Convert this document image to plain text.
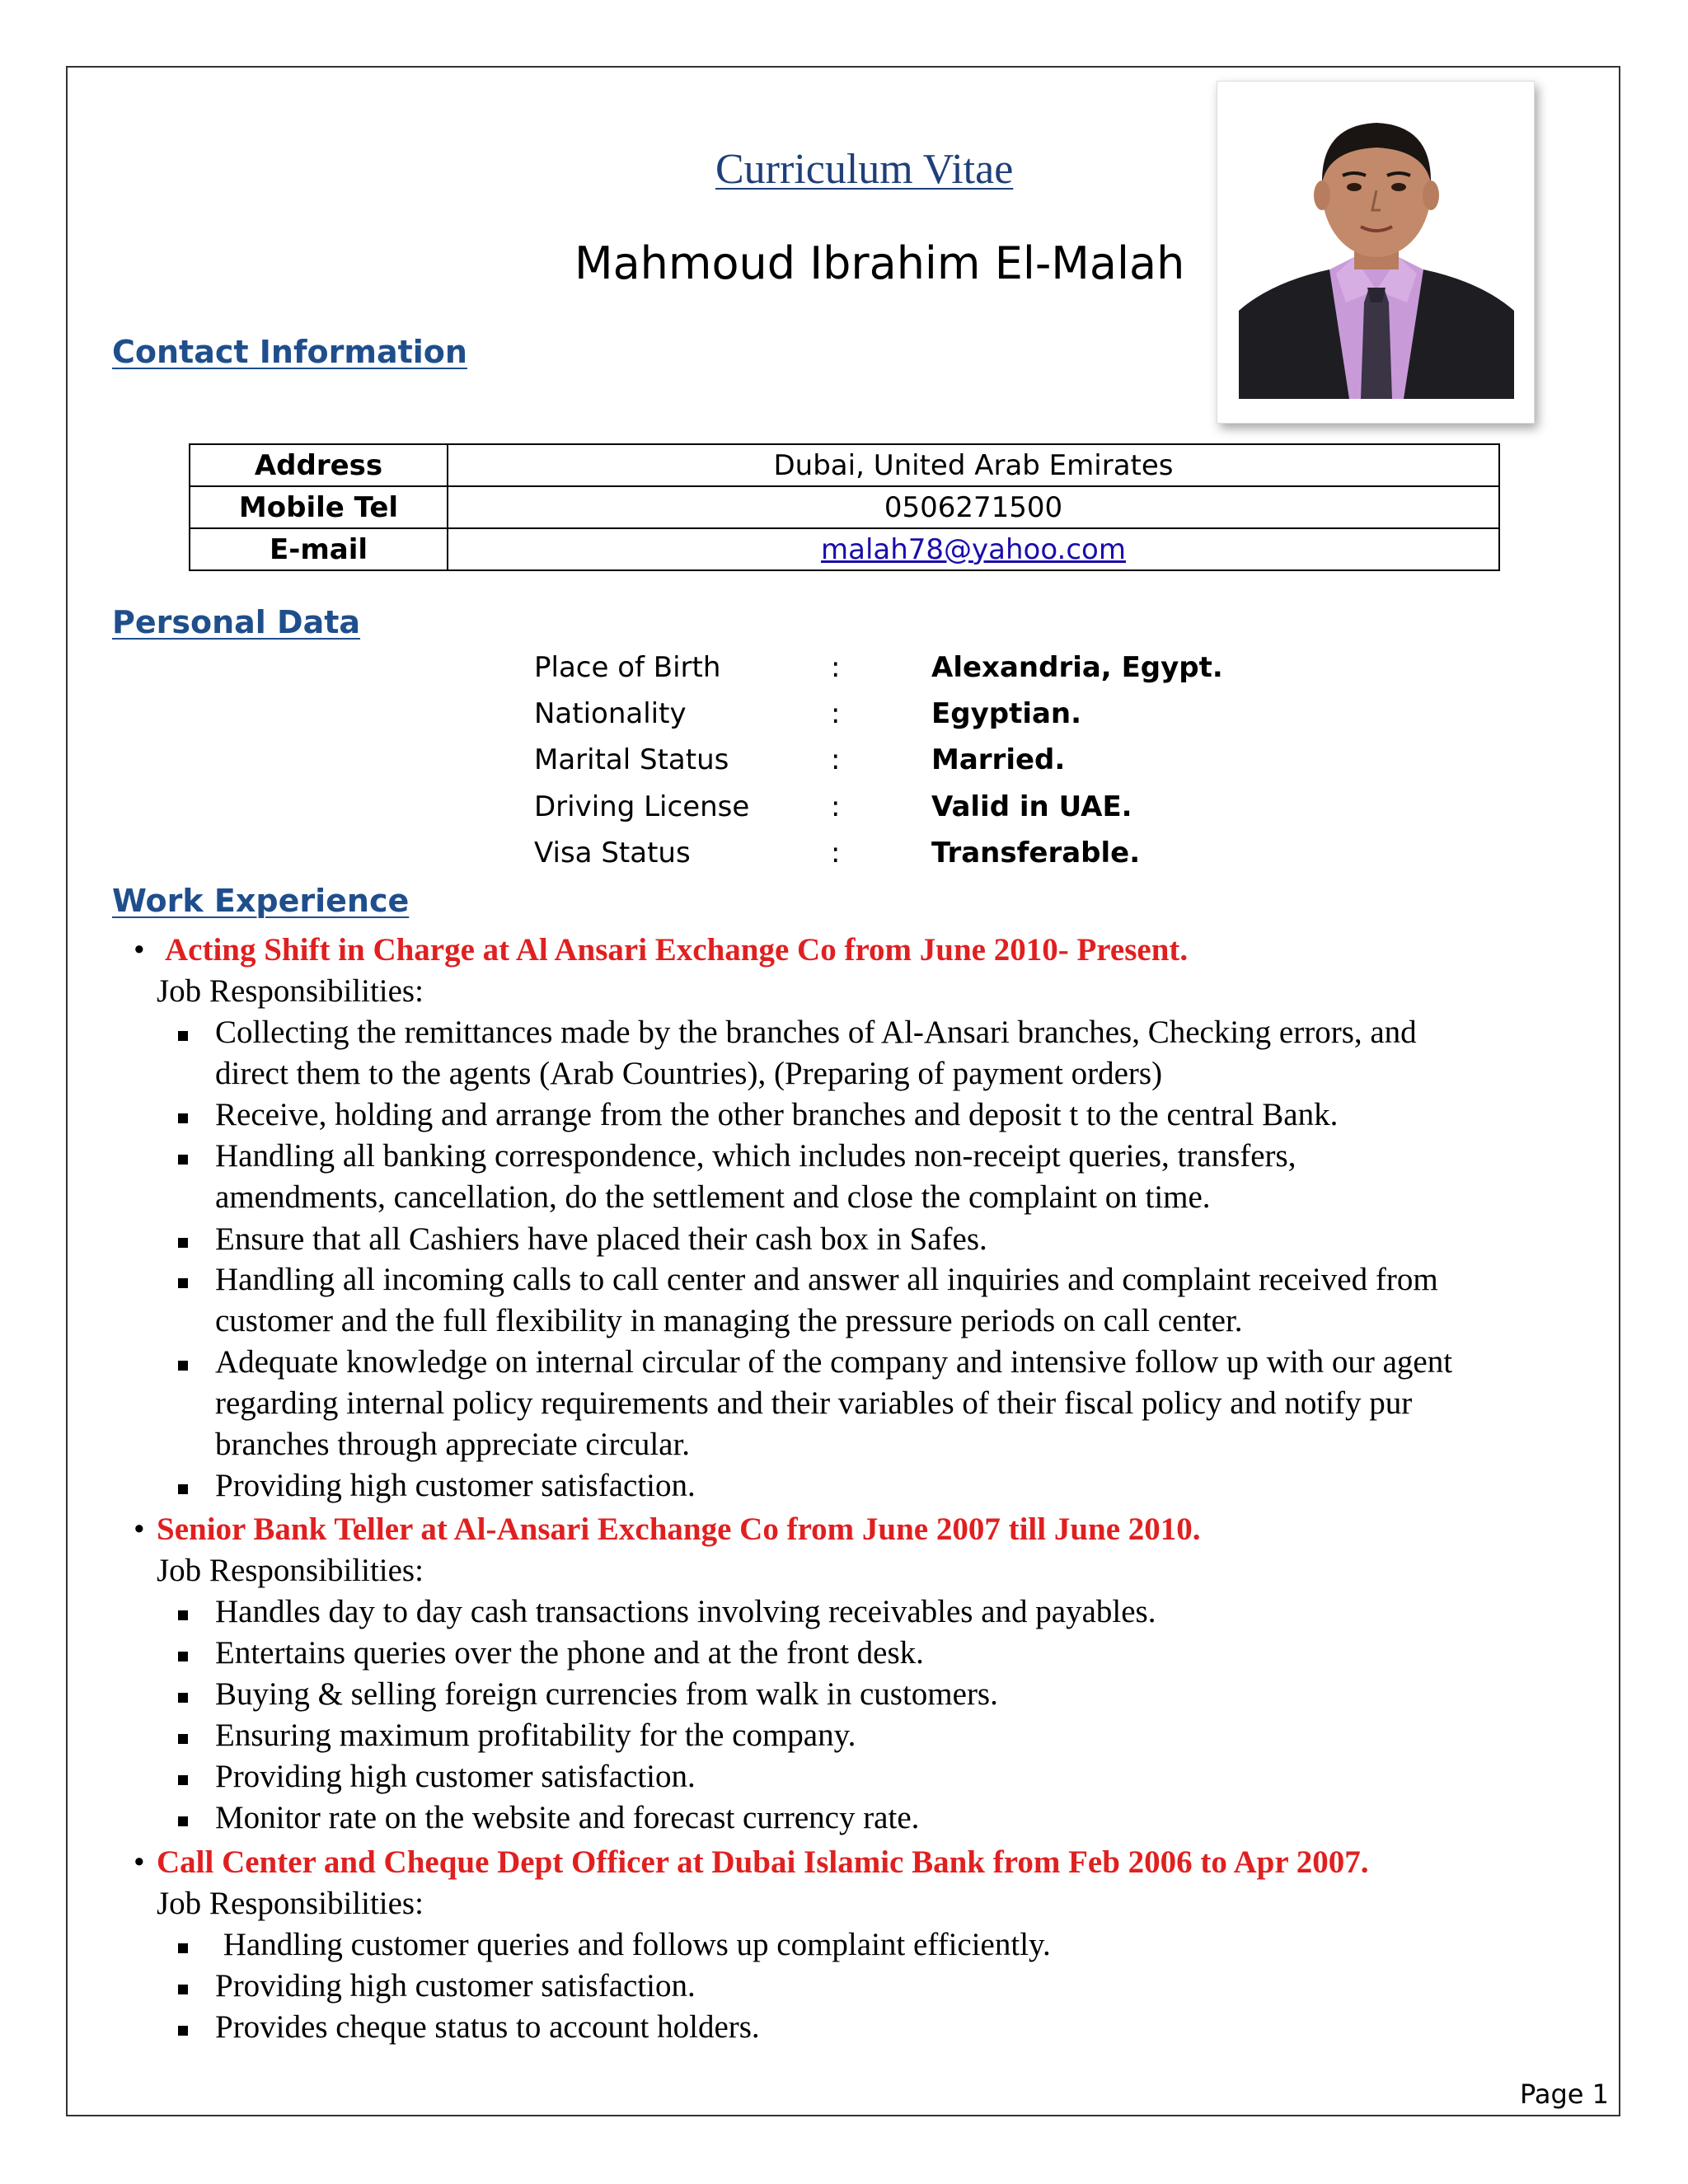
Curriculum Vitae
Mahmoud Ibrahim El-Malah
Contact Information
Address	Dubai, United Arab Emirates
Mobile Tel	0506271500
E-mail	malah78@yahoo.com
Personal Data
Place of Birth	:	Alexandria, Egypt.
Nationality	:	Egyptian.
Marital Status	:	Married.
Driving License	:	Valid in UAE.
Visa Status	:	Transferable.
Work Experience
• Acting Shift in Charge at Al Ansari Exchange Co from June 2010- Present.
Job Responsibilities:
Collecting the remittances made by the branches of Al-Ansari branches, Checking errors, and
direct them to the agents (Arab Countries), (Preparing of payment orders)
Receive, holding and arrange from the other branches and deposit t to the central Bank.
Handling all banking correspondence, which includes non-receipt queries, transfers,
amendments, cancellation, do the settlement and close the complaint on time.
Ensure that all Cashiers have placed their cash box in Safes.
Handling all incoming calls to call center and answer all inquiries and complaint received from
customer and the full flexibility in managing the pressure periods on call center.
Adequate knowledge on internal circular of the company and intensive follow up with our agent
regarding internal policy requirements and their variables of their fiscal policy and notify pur
branches through appreciate circular.
Providing high customer satisfaction.
• Senior Bank Teller at Al-Ansari Exchange Co from June 2007 till June 2010.
Job Responsibilities:
Handles day to day cash transactions involving receivables and payables.
Entertains queries over the phone and at the front desk.
Buying & selling foreign currencies from walk in customers.
Ensuring maximum profitability for the company.
Providing high customer satisfaction.
Monitor rate on the website and forecast currency rate.
• Call Center and Cheque Dept Officer at Dubai Islamic Bank from Feb 2006 to Apr 2007.
Job Responsibilities:
Handling customer queries and follows up complaint efficiently.
Providing high customer satisfaction.
Provides cheque status to account holders.
Page 1
